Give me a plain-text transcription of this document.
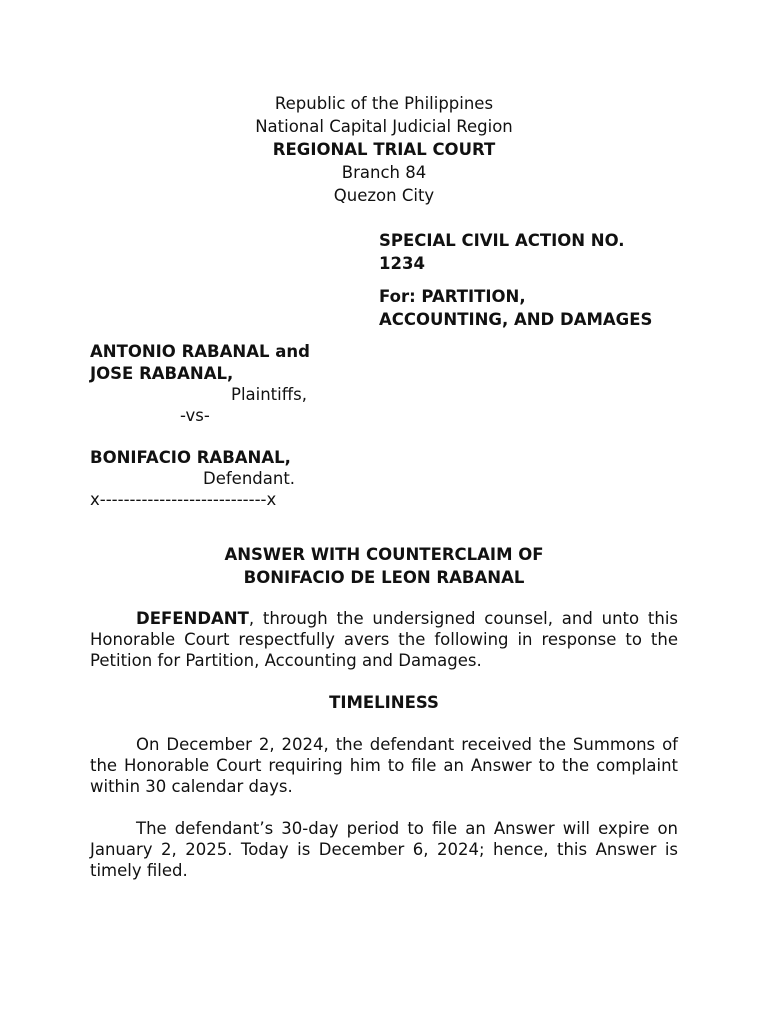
Republic of the Philippines
National Capital Judicial Region
REGIONAL TRIAL COURT
Branch 84
Quezon City
SPECIAL CIVIL ACTION NO.
1234
For: PARTITION,
ACCOUNTING, AND DAMAGES
ANTONIO RABANAL and
JOSE RABANAL,
Plaintiffs,
-vs-
BONIFACIO RABANAL,
Defendant.
x----------------------------x
ANSWER WITH COUNTERCLAIM OF
BONIFACIO DE LEON RABANAL
DEFENDANT, through the undersigned counsel, and unto this Honorable Court respectfully avers the following in response to the Petition for Partition, Accounting and Damages.
TIMELINESS
On December 2, 2024, the defendant received the Summons of the Honorable Court requiring him to file an Answer to the complaint within 30 calendar days.
The defendant’s 30-day period to file an Answer will expire on January 2, 2025. Today is December 6, 2024; hence, this Answer is timely filed.
